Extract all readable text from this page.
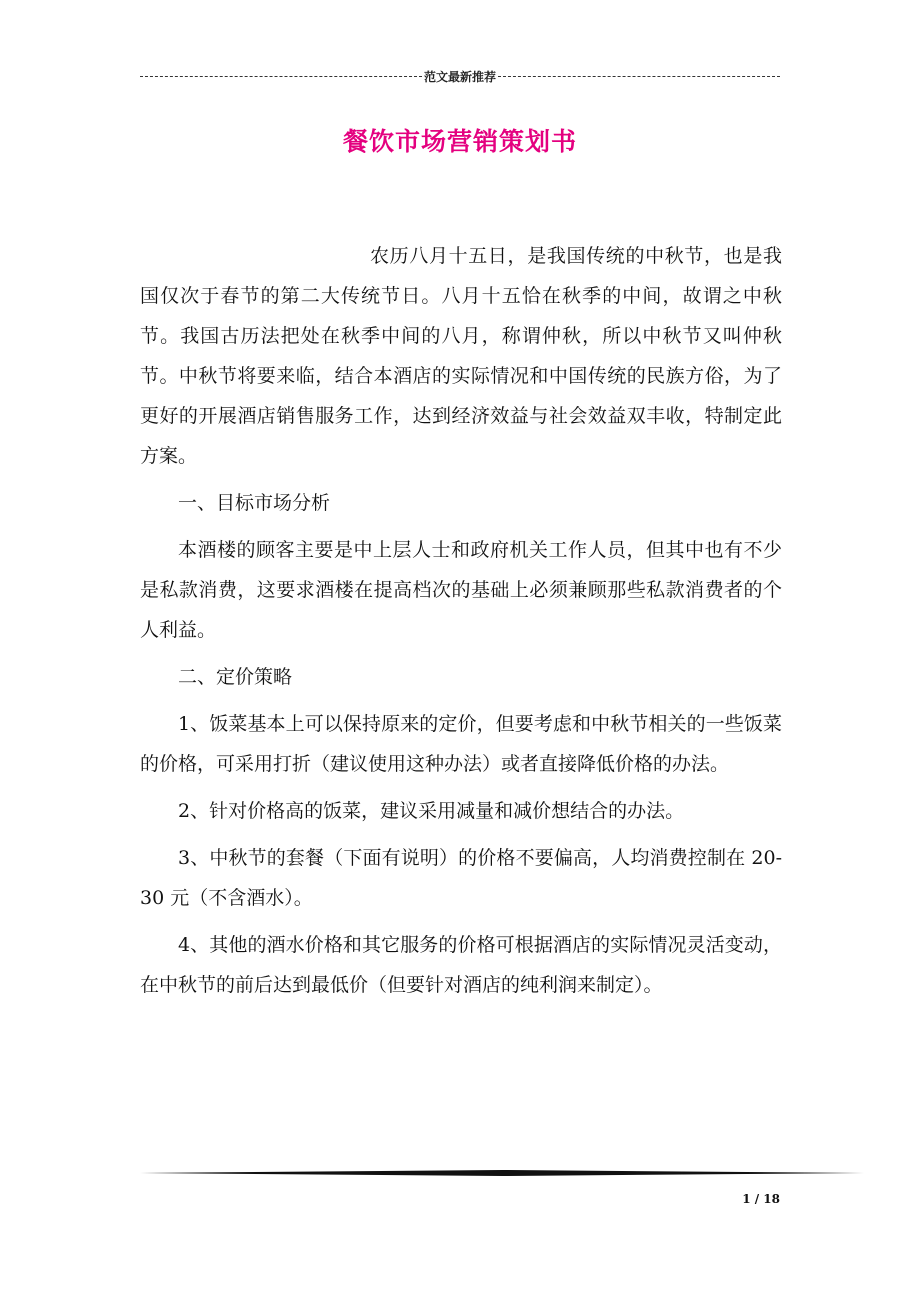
范文最新推荐
餐饮市场营销策划书

农历八月十五日，是我国传统的中秋节，也是我国仅次于春节的第二大传统节日。八月十五恰在秋季的中间，故谓之中秋节。我国古历法把处在秋季中间的八月，称谓仲秋，所以中秋节又叫仲秋节。中秋节将要来临，结合本酒店的实际情况和中国传统的民族方俗，为了更好的开展酒店销售服务工作，达到经济效益与社会效益双丰收，特制定此方案。

一、目标市场分析

本酒楼的顾客主要是中上层人士和政府机关工作人员，但其中也有不少是私款消费，这要求酒楼在提高档次的基础上必须兼顾那些私款消费者的个人利益。

二、定价策略

1、饭菜基本上可以保持原来的定价，但要考虑和中秋节相关的一些饭菜的价格，可采用打折（建议使用这种办法）或者直接降低价格的办法。

2、针对价格高的饭菜，建议采用减量和减价想结合的办法。

3、中秋节的套餐（下面有说明）的价格不要偏高，人均消费控制在 20-30 元（不含酒水）。

4、其他的酒水价格和其它服务的价格可根据酒店的实际情况灵活变动，在中秋节的前后达到最低价（但要针对酒店的纯利润来制定）。

1 / 18
